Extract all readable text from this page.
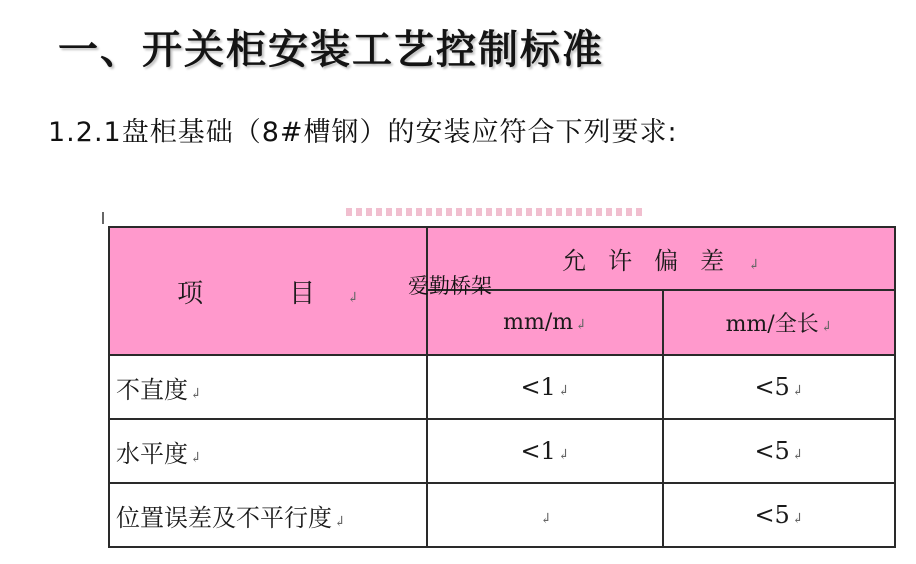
一、开关柜安装工艺控制标准
1.2.1盘柜基础（8#槽钢）的安装应符合下列要求:
项　目 ↲	允许偏差 ↲	
	mm/m ↲	mm/全长 ↲
不直度 ↲	<1 ↲	<5 ↲
水平度 ↲	<1 ↲	<5 ↲
位置误差及不平行度 ↲	↲	<5 ↲
爱勤桥架
